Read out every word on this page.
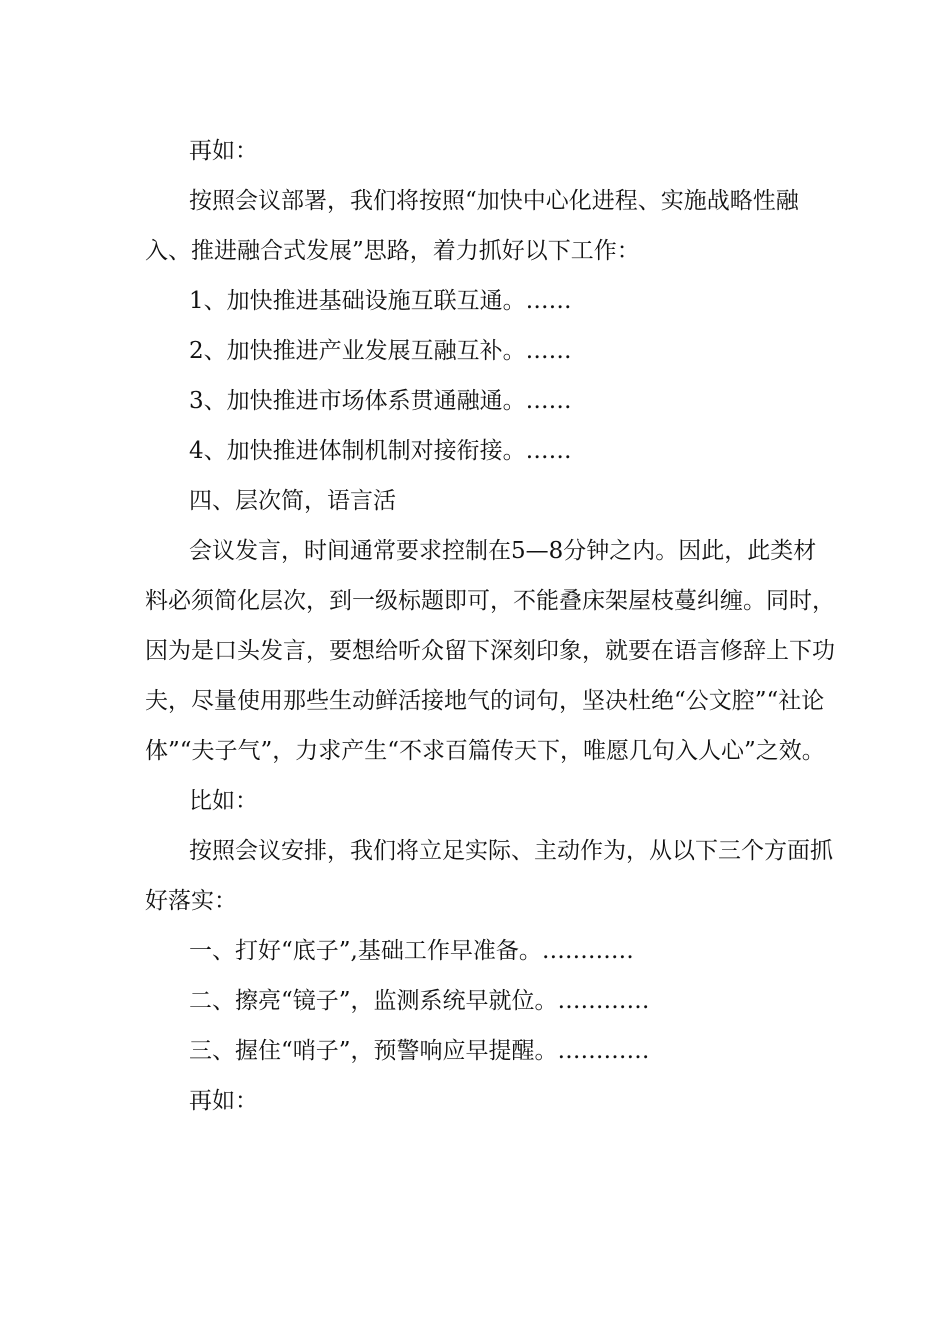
再如：

按照会议部署，我们将按照“加快中心化进程、实施战略性融入、推进融合式发展”思路，着力抓好以下工作：

1、加快推进基础设施互联互通。……

2、加快推进产业发展互融互补。……

3、加快推进市场体系贯通融通。……

4、加快推进体制机制对接衔接。……

四、层次简，语言活

会议发言，时间通常要求控制在5—8分钟之内。因此，此类材料必须简化层次，到一级标题即可，不能叠床架屋枝蔓纠缠。同时，因为是口头发言，要想给听众留下深刻印象，就要在语言修辞上下功夫，尽量使用那些生动鲜活接地气的词句，坚决杜绝“公文腔”“社论体”“夫子气”，力求产生“不求百篇传天下，唯愿几句入人心”之效。

比如：

按照会议安排，我们将立足实际、主动作为，从以下三个方面抓好落实：

一、打好“底子”,基础工作早准备。…………

二、擦亮“镜子”，监测系统早就位。…………

三、握住“哨子”，预警响应早提醒。…………

再如：
